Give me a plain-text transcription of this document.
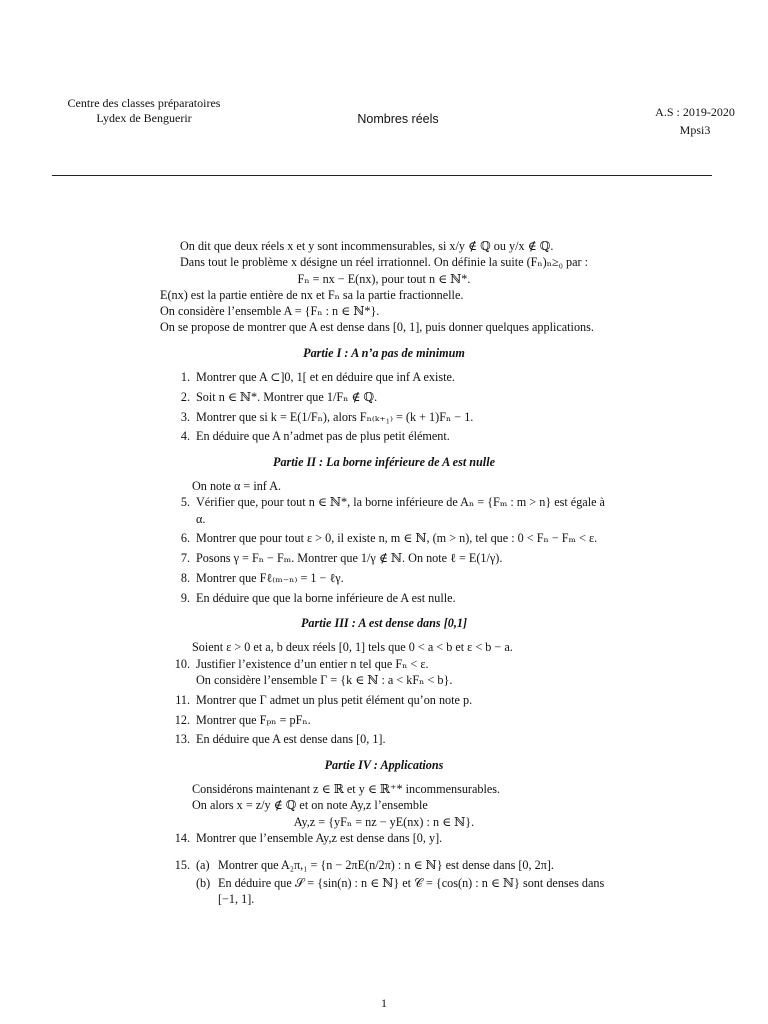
Centre des classes préparatoires
Lydex de Benguerir	Nombres réels	A.S : 2019-2020
Mpsi3

On dit que deux réels x et y sont incommensurables, si x/y ∉ ℚ ou y/x ∉ ℚ.

Dans tout le problème x désigne un réel irrationnel. On définie la suite (Fₙ)ₙ≥₀ par :

Fₙ = nx − E(nx), pour tout n ∈ ℕ*.

E(nx) est la partie entière de nx et Fₙ sa la partie fractionnelle.

On considère l’ensemble A = {Fₙ : n ∈ ℕ*}.

On se propose de montrer que A est dense dans [0, 1], puis donner quelques applications.

Partie I : A n’a pas de minimum
1. Montrer que A ⊂]0, 1[ et en déduire que inf A existe.
2. Soit n ∈ ℕ*. Montrer que 1/Fₙ ∉ ℚ.
3. Montrer que si k = E(1/Fₙ), alors Fₙ₍ₖ₊₁₎ = (k + 1)Fₙ − 1.
4. En déduire que A n’admet pas de plus petit élément.
Partie II : La borne inférieure de A est nulle

On note α = inf A.

5. Vérifier que, pour tout n ∈ ℕ*, la borne inférieure de Aₙ = {Fₘ : m > n} est égale à α.
6. Montrer que pour tout ε > 0, il existe n, m ∈ ℕ, (m > n), tel que : 0 < Fₙ − Fₘ < ε.
7. Posons γ = Fₙ − Fₘ. Montrer que 1/γ ∉ ℕ. On note ℓ = E(1/γ).
8. Montrer que Fℓ₍ₘ₋ₙ₎ = 1 − ℓγ.
9. En déduire que que la borne inférieure de A est nulle.
Partie III : A est dense dans [0,1]

Soient ε > 0 et a, b deux réels [0, 1] tels que 0 < a < b et ε < b − a.

10. Justifier l’existence d’un entier n tel que Fₙ < ε.
On considère l’ensemble Γ = {k ∈ ℕ : a < kFₙ < b}.
11. Montrer que Γ admet un plus petit élément qu’on note p.
12. Montrer que Fₚₙ = pFₙ.
13. En déduire que A est dense dans [0, 1].
Partie IV : Applications

Considérons maintenant z ∈ ℝ et y ∈ ℝ⁺* incommensurables.

On alors x = z/y ∉ ℚ et on note Ay,z l’ensemble

Ay,z = {yFₙ = nz − yE(nx) : n ∈ ℕ}.

14. Montrer que l’ensemble Ay,z est dense dans [0, y].
15. (a) Montrer que A₂π,₁ = {n − 2πE(n/2π) : n ∈ ℕ} est dense dans [0, 2π].
(b) En déduire que 𝒮 = {sin(n) : n ∈ ℕ} et 𝒞 = {cos(n) : n ∈ ℕ} sont denses dans [−1, 1].
1
